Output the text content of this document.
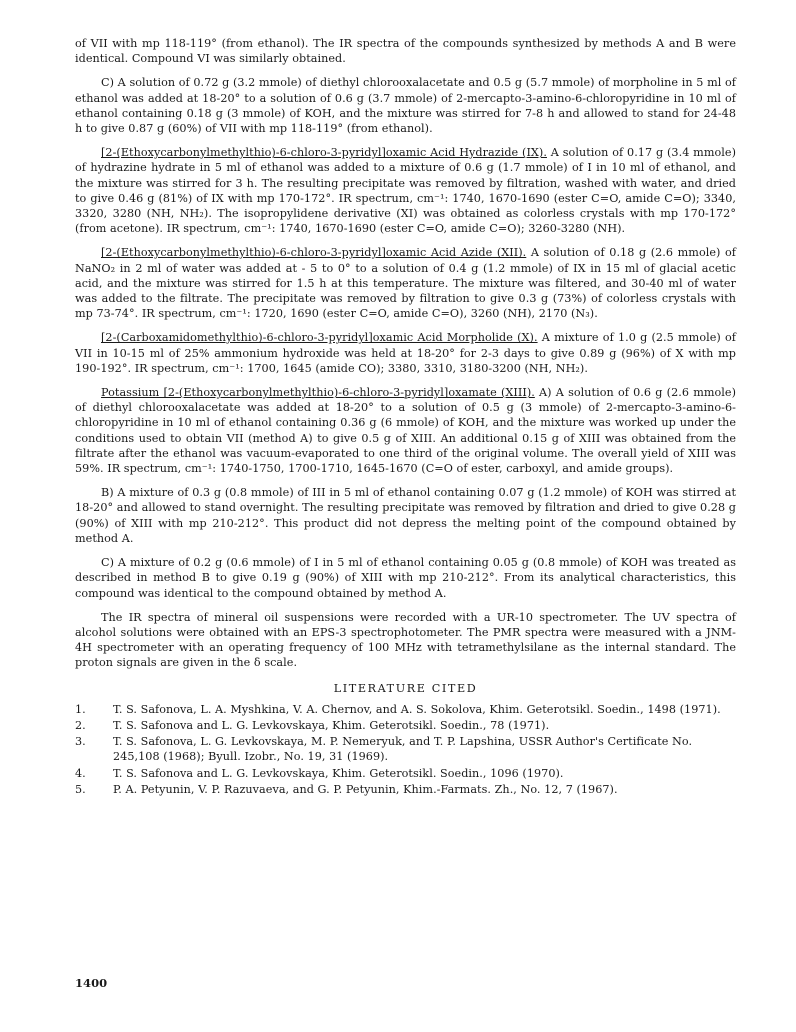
of VII with mp 118-119° (from ethanol). The IR spectra of the compounds synthesized by methods A and B were identical. Compound VI was similarly obtained.

C) A solution of 0.72 g (3.2 mmole) of diethyl chlorooxalacetate and 0.5 g (5.7 mmole) of morpholine in 5 ml of ethanol was added at 18-20° to a solution of 0.6 g (3.7 mmole) of 2-mercapto-3-amino-6-chloropyridine in 10 ml of ethanol containing 0.18 g (3 mmole) of KOH, and the mixture was stirred for 7-8 h and allowed to stand for 24-48 h to give 0.87 g (60%) of VII with mp 118-119° (from ethanol).

[2-(Ethoxycarbonylmethylthio)-6-chloro-3-pyridyl]oxamic Acid Hydrazide (IX). A solution of 0.17 g (3.4 mmole) of hydrazine hydrate in 5 ml of ethanol was added to a mixture of 0.6 g (1.7 mmole) of I in 10 ml of ethanol, and the mixture was stirred for 3 h. The resulting precipitate was removed by filtration, washed with water, and dried to give 0.46 g (81%) of IX with mp 170-172°. IR spectrum, cm⁻¹: 1740, 1670-1690 (ester C=O, amide C=O); 3340, 3320, 3280 (NH, NH₂). The isopropylidene derivative (XI) was obtained as colorless crystals with mp 170-172° (from acetone). IR spectrum, cm⁻¹: 1740, 1670-1690 (ester C=O, amide C=O); 3260-3280 (NH).

[2-(Ethoxycarbonylmethylthio)-6-chloro-3-pyridyl]oxamic Acid Azide (XII). A solution of 0.18 g (2.6 mmole) of NaNO₂ in 2 ml of water was added at - 5 to 0° to a solution of 0.4 g (1.2 mmole) of IX in 15 ml of glacial acetic acid, and the mixture was stirred for 1.5 h at this temperature. The mixture was filtered, and 30-40 ml of water was added to the filtrate. The precipitate was removed by filtration to give 0.3 g (73%) of colorless crystals with mp 73-74°. IR spectrum, cm⁻¹: 1720, 1690 (ester C=O, amide C=O), 3260 (NH), 2170 (N₃).

[2-(Carboxamidomethylthio)-6-chloro-3-pyridyl]oxamic Acid Morpholide (X). A mixture of 1.0 g (2.5 mmole) of VII in 10-15 ml of 25% ammonium hydroxide was held at 18-20° for 2-3 days to give 0.89 g (96%) of X with mp 190-192°. IR spectrum, cm⁻¹: 1700, 1645 (amide CO); 3380, 3310, 3180-3200 (NH, NH₂).

Potassium [2-(Ethoxycarbonylmethylthio)-6-chloro-3-pyridyl]oxamate (XIII). A) A solution of 0.6 g (2.6 mmole) of diethyl chlorooxalacetate was added at 18-20° to a solution of 0.5 g (3 mmole) of 2-mercapto-3-amino-6-chloropyridine in 10 ml of ethanol containing 0.36 g (6 mmole) of KOH, and the mixture was worked up under the conditions used to obtain VII (method A) to give 0.5 g of XIII. An additional 0.15 g of XIII was obtained from the filtrate after the ethanol was vacuum-evaporated to one third of the original volume. The overall yield of XIII was 59%. IR spectrum, cm⁻¹: 1740-1750, 1700-1710, 1645-1670 (C=O of ester, carboxyl, and amide groups).

B) A mixture of 0.3 g (0.8 mmole) of III in 5 ml of ethanol containing 0.07 g (1.2 mmole) of KOH was stirred at 18-20° and allowed to stand overnight. The resulting precipitate was removed by filtration and dried to give 0.28 g (90%) of XIII with mp 210-212°. This product did not depress the melting point of the compound obtained by method A.

C) A mixture of 0.2 g (0.6 mmole) of I in 5 ml of ethanol containing 0.05 g (0.8 mmole) of KOH was treated as described in method B to give 0.19 g (90%) of XIII with mp 210-212°. From its analytical characteristics, this compound was identical to the compound obtained by method A.

The IR spectra of mineral oil suspensions were recorded with a UR-10 spectrometer. The UV spectra of alcohol solutions were obtained with an EPS-3 spectrophotometer. The PMR spectra were measured with a JNM-4H spectrometer with an operating frequency of 100 MHz with tetramethylsilane as the internal standard. The proton signals are given in the δ scale.

LITERATURE CITED
1.	T. S. Safonova, L. A. Myshkina, V. A. Chernov, and A. S. Sokolova, Khim. Geterotsikl. Soedin., 1498 (1971).
2.	T. S. Safonova and L. G. Levkovskaya, Khim. Geterotsikl. Soedin., 78 (1971).
3.	T. S. Safonova, L. G. Levkovskaya, M. P. Nemeryuk, and T. P. Lapshina, USSR Author's Certificate No. 245,108 (1968); Byull. Izobr., No. 19, 31 (1969).
4.	T. S. Safonova and L. G. Levkovskaya, Khim. Geterotsikl. Soedin., 1096 (1970).
5.	P. A. Petyunin, V. P. Razuvaeva, and G. P. Petyunin, Khim.-Farmats. Zh., No. 12, 7 (1967).
1400
